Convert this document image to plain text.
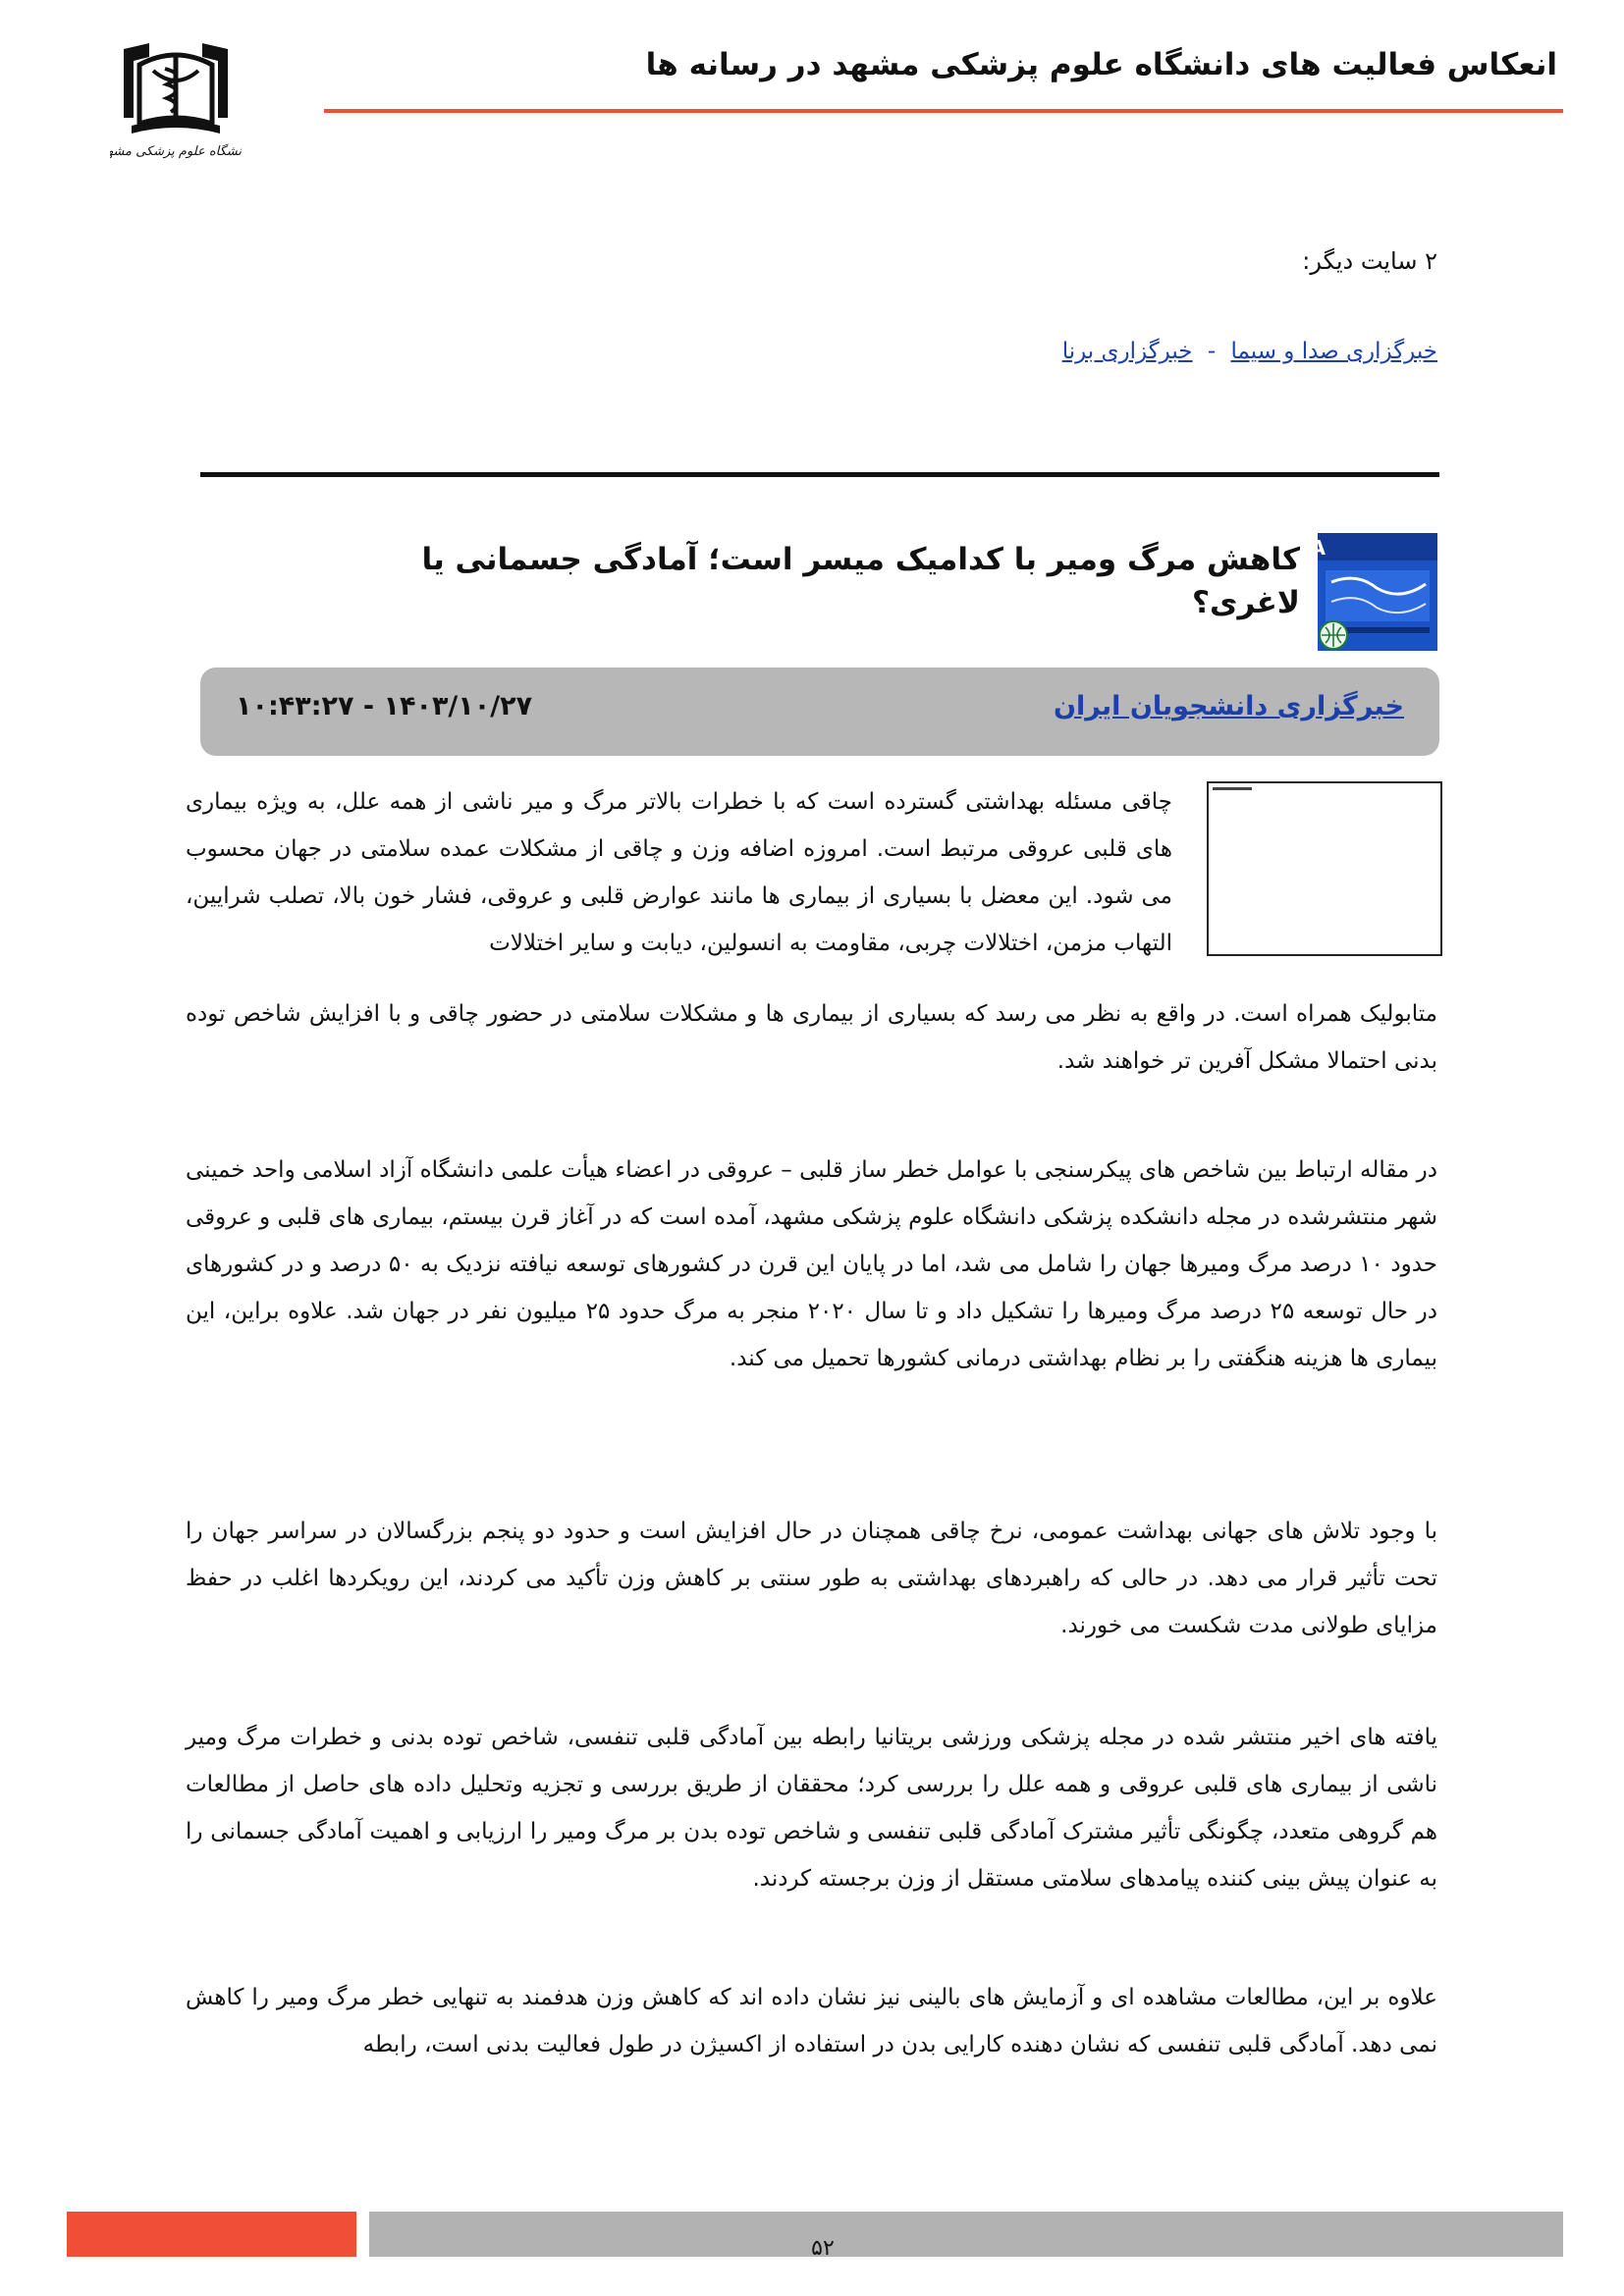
انعکاس فعالیت های دانشگاه علوم پزشکی مشهد در رسانه ها
نشگاه علوم پزشکی مش
۲ سایت دیگر:
خبرگزاری صدا و سیما - خبرگزاری برنا
A
کاهش مرگ ومیر با کدامیک میسر است؛ آمادگی جسمانی یا لاغری؟
خبرگزاری دانشجویان ایران
۱۴۰۳/۱۰/۲۷ - ۱۰:۴۳:۲۷
چاقی مسئله بهداشتی گسترده است که با خطرات بالاتر مرگ و میر ناشی از همه علل، به ویژه بیماری های قلبی عروقی مرتبط است. امروزه اضافه وزن و چاقی از مشکلات عمده سلامتی در جهان محسوب می شود. این معضل با بسیاری از بیماری ها مانند عوارض قلبی و عروقی، فشار خون بالا، تصلب شرایین، التهاب مزمن، اختلالات چربی، مقاومت به انسولین، دیابت و سایر اختلالات
متابولیک همراه است. در واقع به نظر می رسد که بسیاری از بیماری ها و مشکلات سلامتی در حضور چاقی و با افزایش شاخص توده بدنی احتمالا مشکل آفرین تر خواهند شد.
در مقاله ارتباط بین شاخص های پیکرسنجی با عوامل خطر ساز قلبی – عروقی در اعضاء هیأت علمی دانشگاه آزاد اسلامی واحد خمینی شهر منتشرشده در مجله دانشکده پزشکی دانشگاه علوم پزشکی مشهد، آمده است که در آغاز قرن بیستم، بیماری های قلبی و عروقی حدود ۱۰ درصد مرگ ومیرها جهان را شامل می شد، اما در پایان این قرن در کشورهای توسعه نیافته نزدیک به ۵۰ درصد و در کشورهای در حال توسعه ۲۵ درصد مرگ ومیرها را تشکیل داد و تا سال ۲۰۲۰ منجر به مرگ حدود ۲۵ میلیون نفر در جهان شد. علاوه براین، این بیماری ها هزینه هنگفتی را بر نظام بهداشتی درمانی کشورها تحمیل می کند.
با وجود تلاش های جهانی بهداشت عمومی، نرخ چاقی همچنان در حال افزایش است و حدود دو پنجم بزرگسالان در سراسر جهان را تحت تأثیر قرار می دهد. در حالی که راهبردهای بهداشتی به طور سنتی بر کاهش وزن تأکید می کردند، این رویکردها اغلب در حفظ مزایای طولانی مدت شکست می خورند.
یافته های اخیر منتشر شده در مجله پزشکی ورزشی بریتانیا رابطه بین آمادگی قلبی تنفسی، شاخص توده بدنی و خطرات مرگ ومیر ناشی از بیماری های قلبی عروقی و همه علل را بررسی کرد؛ محققان از طریق بررسی و تجزیه وتحلیل داده های حاصل از مطالعات هم گروهی متعدد، چگونگی تأثیر مشترک آمادگی قلبی تنفسی و شاخص توده بدن بر مرگ ومیر را ارزیابی و اهمیت آمادگی جسمانی را به عنوان پیش بینی کننده پیامدهای سلامتی مستقل از وزن برجسته کردند.
علاوه بر این، مطالعات مشاهده ای و آزمایش های بالینی نیز نشان داده اند که کاهش وزن هدفمند به تنهایی خطر مرگ ومیر را کاهش نمی دهد. آمادگی قلبی تنفسی که نشان دهنده کارایی بدن در استفاده از اکسیژن در طول فعالیت بدنی است، رابطه
۵۲
